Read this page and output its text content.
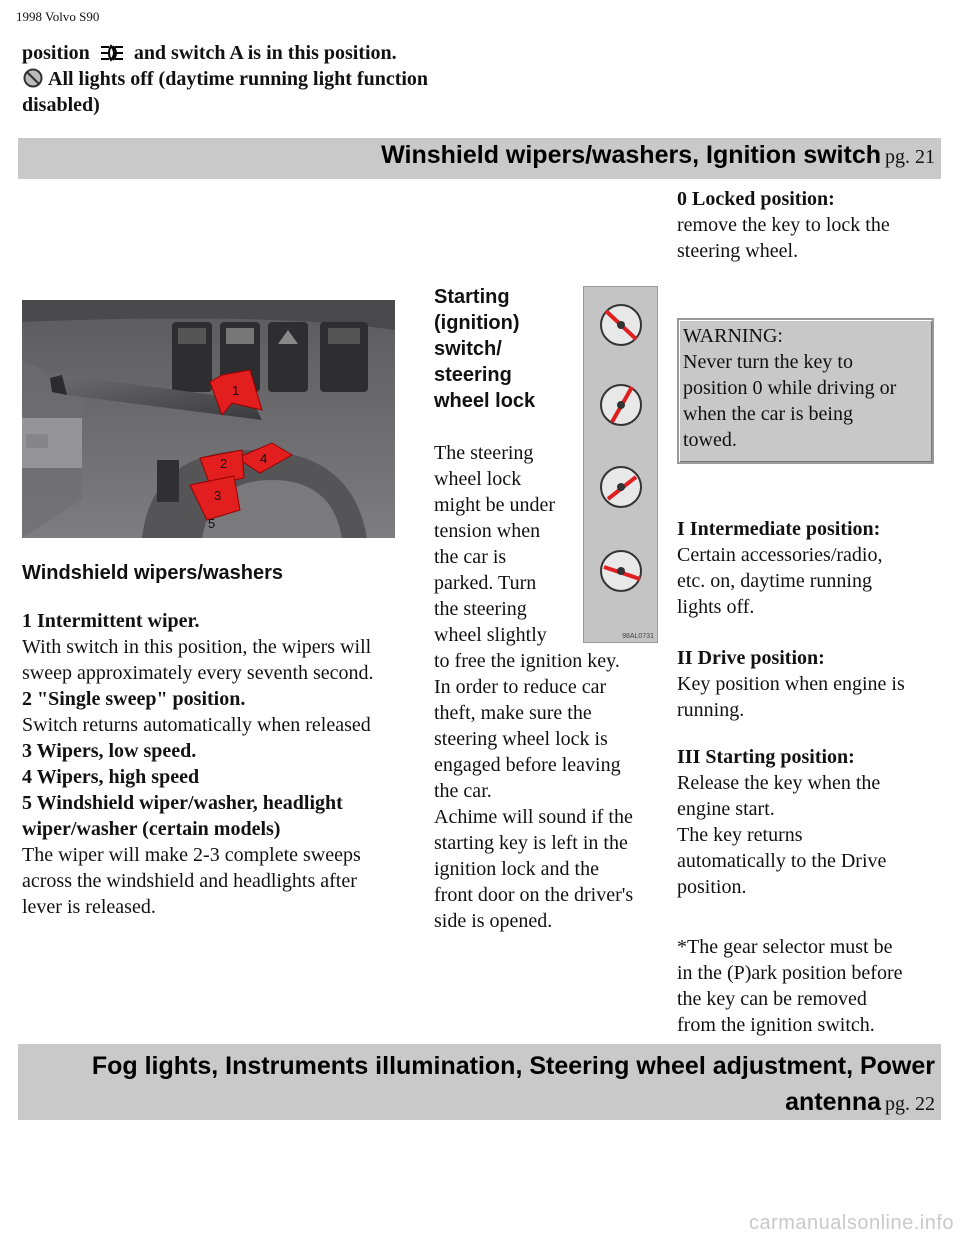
1998 Volvo S90
position and switch A is in this position.
All lights off (daytime running light function
disabled)
Winshield wipers/washers, Ignition switch pg. 21
1
4
2
3
5
Windshield wipers/washers

1 Intermittent wiper.

With switch in this position, the wipers will

sweep approximately every seventh second.

2 "Single sweep" position.

Switch returns automatically when released

3 Wipers, low speed.

4 Wipers, high speed

5 Windshield wiper/washer, headlight

wiper/washer (certain models)

The wiper will make 2-3 complete sweeps

across the windshield and headlights after

lever is released.

Starting

(ignition)

switch/

steering

wheel lock

The steering

wheel lock

might be under

tension when

the car is

parked. Turn

the steering

wheel slightly

to free the ignition key.

In order to reduce car

theft, make sure the

steering wheel lock is

engaged before leaving

the car.

Achime will sound if the

starting key is left in the

ignition lock and the

front door on the driver's

side is opened.

98AL0731

0 Locked position:

remove the key to lock the

steering wheel.

WARNING:

Never turn the key to

position 0 while driving or

when the car is being

towed.

I Intermediate position:

Certain accessories/radio,

etc. on, daytime running

lights off.

II Drive position:

Key position when engine is

running.

III Starting position:

Release the key when the

engine start.

The key returns

automatically to the Drive

position.

*The gear selector must be

in the (P)ark position before

the key can be removed

from the ignition switch.

Fog lights, Instruments illumination, Steering wheel adjustment, Power

antenna pg. 22

carmanualsonline.info
